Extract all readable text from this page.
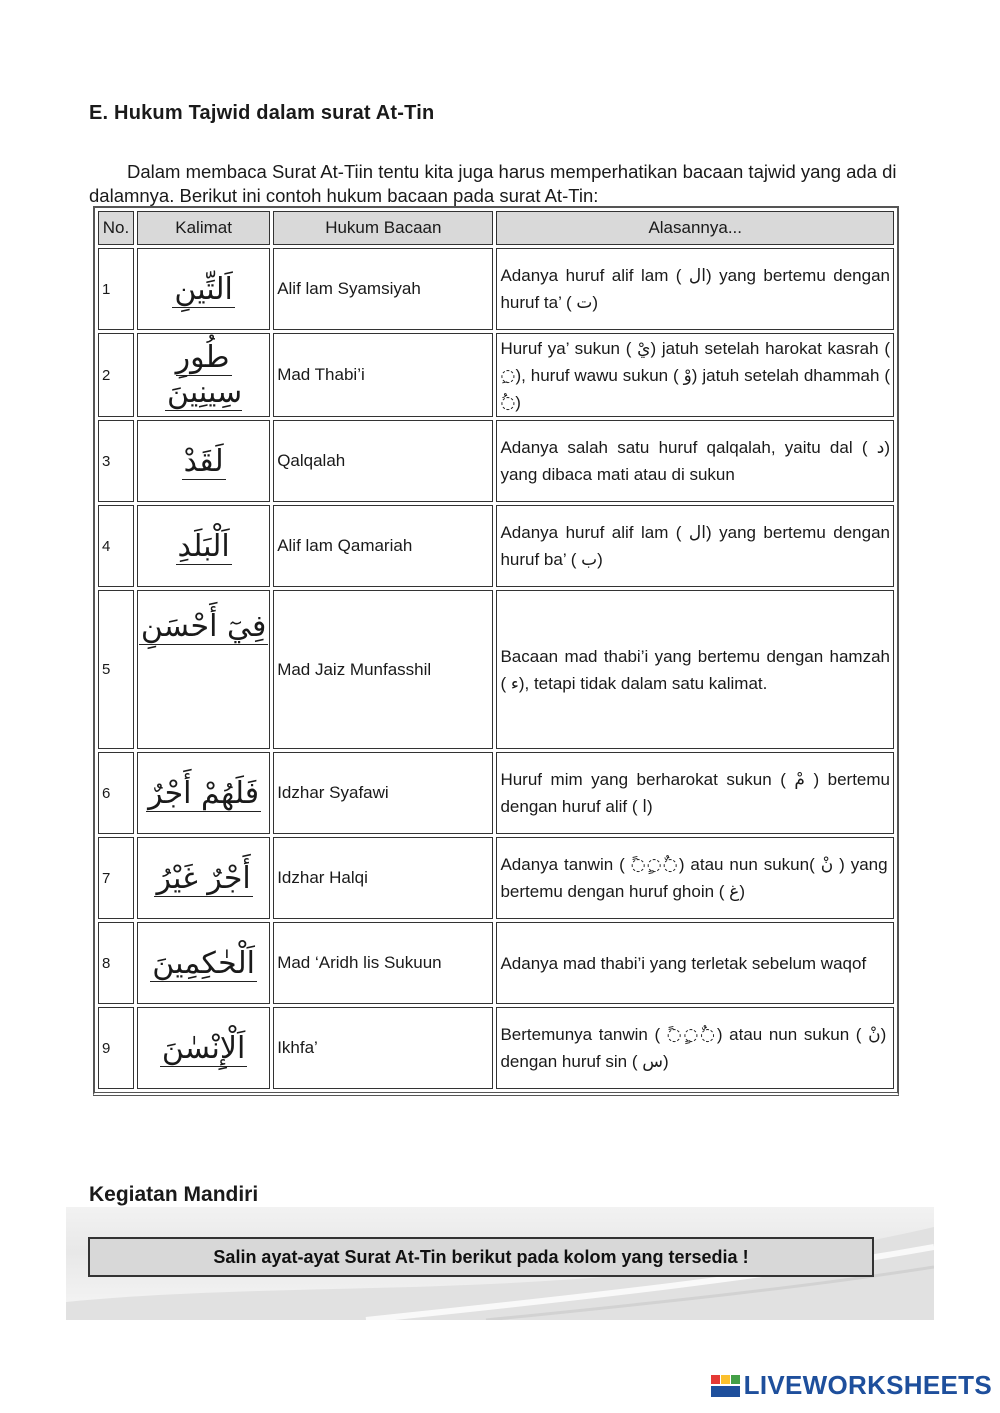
E. Hukum Tajwid dalam surat At-Tin

Dalam membaca Surat At-Tiin tentu kita juga harus memperhatikan bacaan tajwid yang ada di dalamnya. Berikut ini contoh hukum bacaan pada surat At-Tin:

No.	Kalimat	Hukum Bacaan	Alasannya...
1	اَلتِّينِ	Alif lam Syamsiyah	Adanya huruf alif lam ( ال) yang bertemu dengan huruf ta’ ( ت)
2	طُورِ سِينِينَ	Mad Thabi’i	Huruf ya’ sukun ( يْ) jatuh setelah harokat kasrah ( ◌ِ), huruf wawu sukun ( وْ) jatuh setelah dhammah ( ◌ُ)
3	لَقَدْ	Qalqalah	Adanya salah satu huruf qalqalah, yaitu dal ( د) yang dibaca mati atau di sukun
4	اَلْبَلَدِ	Alif lam Qamariah	Adanya huruf alif lam ( ال) yang bertemu dengan huruf ba’ ( ب)
5	فِيٓ أَحْسَنِ	Mad Jaiz Munfasshil	Bacaan mad thabi’i yang bertemu dengan hamzah ( ء), tetapi tidak dalam satu kalimat.
6	فَلَهُمْ أَجْرٌ	Idzhar Syafawi	Huruf mim yang berharokat sukun ( مْ ) bertemu dengan huruf alif ( ا)
7	أَجْرٌ غَيْرُ	Idzhar Halqi	Adanya tanwin ( ◌ً◌ٍ◌ٌ) atau nun sukun( نْ ) yang bertemu dengan huruf ghoin ( غ)
8	اَلْحٰكِمِينَ	Mad ‘Aridh lis Sukuun	Adanya mad thabi’i yang terletak sebelum waqof
9	اَلْإِنْسٰنَ	Ikhfa’	Bertemunya tanwin ( ◌ً◌ٍ◌ٌ) atau nun sukun ( نْ) dengan huruf sin ( س)
Kegiatan Mandiri
Salin ayat-ayat Surat At-Tin berikut pada kolom yang tersedia !
LIVEWORKSHEETS
